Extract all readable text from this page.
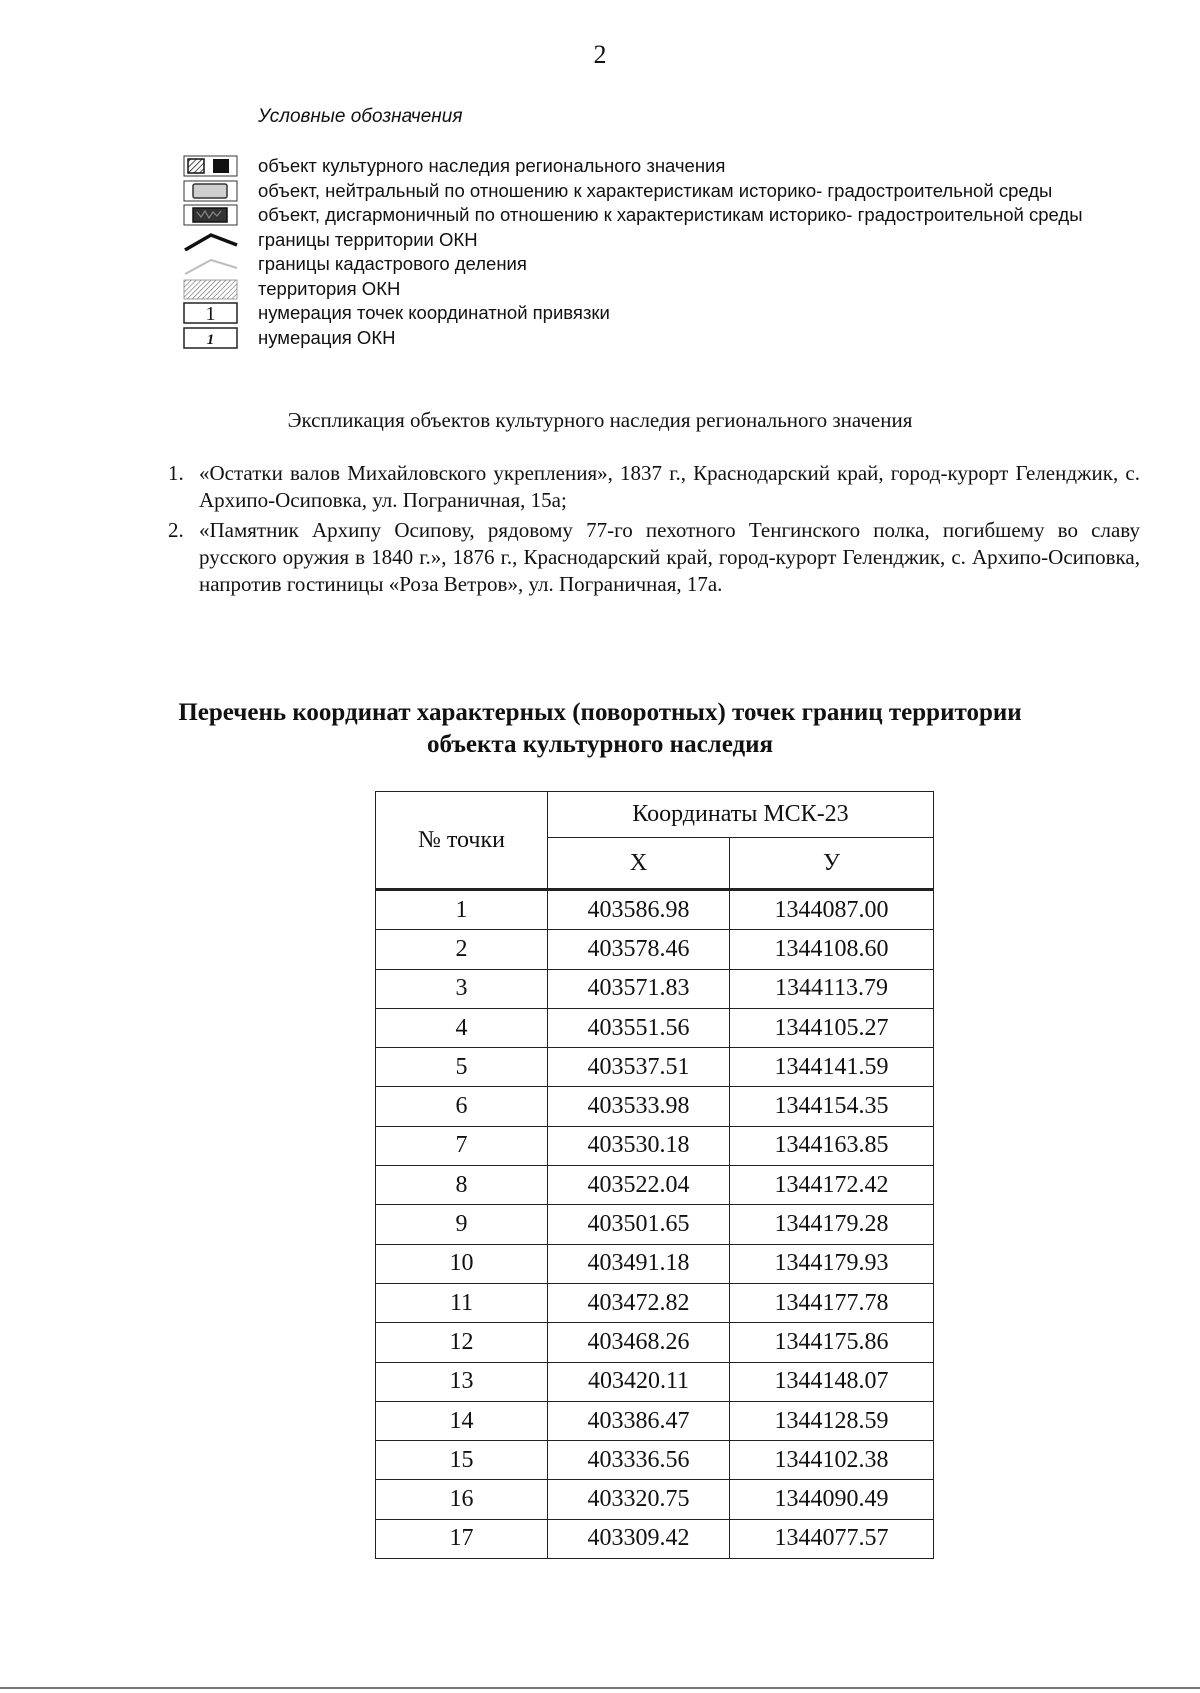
2
Условные обозначения
объект культурного наследия регионального значения
объект, нейтральный по отношению к характеристикам историко- градостроительной среды
объект, дисгармоничный по отношению к характеристикам историко- градостроительной среды
границы территории ОКН
границы кадастрового деления
территория ОКН
1 нумерация точек координатной привязки
1 нумерация ОКН
Экспликация объектов культурного наследия регионального значения
1. «Остатки валов Михайловского укрепления», 1837 г., Краснодарский край, город-курорт Геленджик, с. Архипо-Осиповка, ул. Пограничная, 15а;
2. «Памятник Архипу Осипову, рядовому 77-го пехотного Тенгинского полка, погибшему во славу русского оружия в 1840 г.», 1876 г., Краснодарский край, город-курорт Геленджик, с. Архипо-Осиповка, напротив гостиницы «Роза Ветров», ул. Пограничная, 17а.
Перечень координат характерных (поворотных) точек границ территории
объекта культурного наследия
№ точки	Координаты МСК-23	
	Х	У
1	403586.98	1344087.00
2	403578.46	1344108.60
3	403571.83	1344113.79
4	403551.56	1344105.27
5	403537.51	1344141.59
6	403533.98	1344154.35
7	403530.18	1344163.85
8	403522.04	1344172.42
9	403501.65	1344179.28
10	403491.18	1344179.93
11	403472.82	1344177.78
12	403468.26	1344175.86
13	403420.11	1344148.07
14	403386.47	1344128.59
15	403336.56	1344102.38
16	403320.75	1344090.49
17	403309.42	1344077.57
